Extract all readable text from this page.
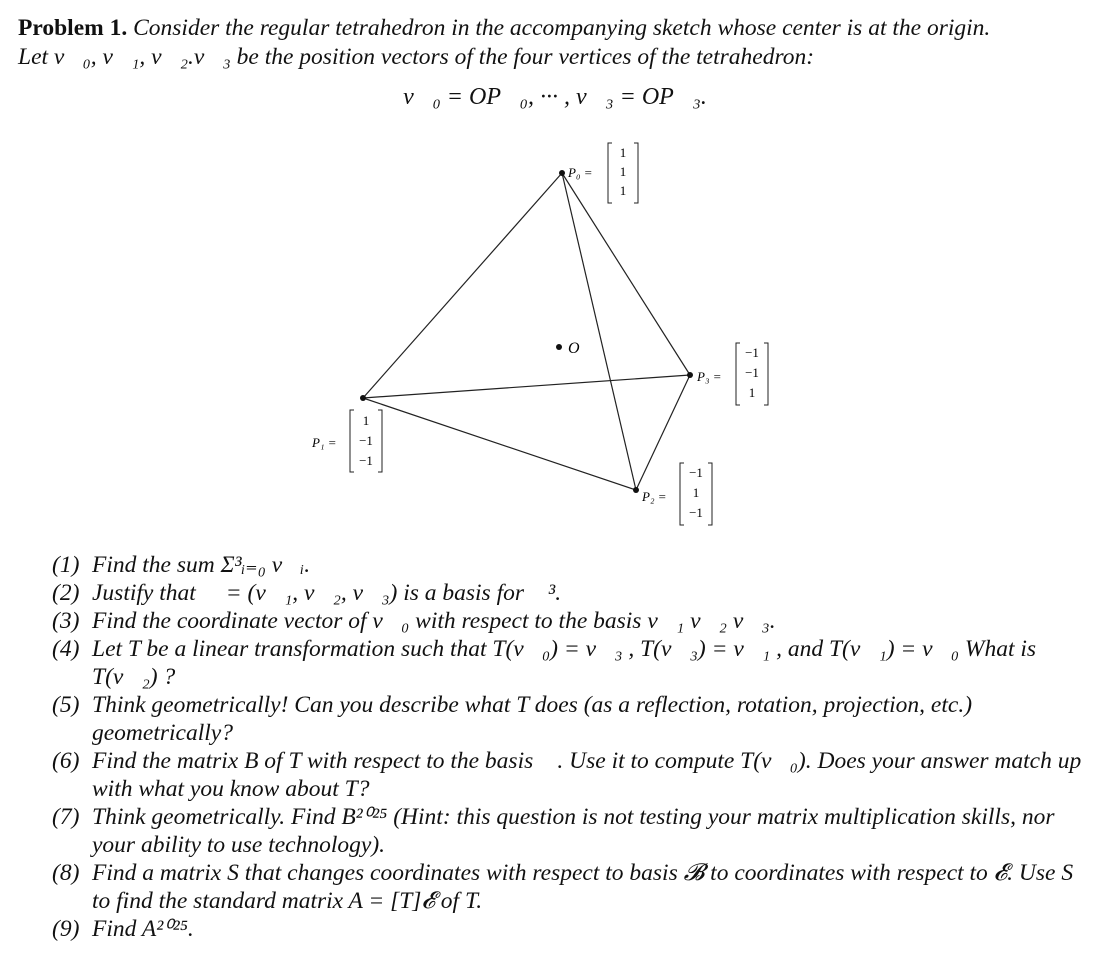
Problem 1. Consider the regular tetrahedron in the accompanying sketch whose center is at the origin.
Let v⃗₀, v⃗₁, v⃗₂.v⃗₃ be the position vectors of the four vertices of the tetrahedron:
v⃗₀ = OP⃗₀, ··· , v⃗₃ = OP⃗₃.
O
P₀ =
1
1
1
P₃ =
−1
−1
1
P₁ =
1
−1
−1
P₂ =
−1
1
−1
(1) Find the sum Σ³ᵢ₌₀ v⃗ᵢ.
(2) Justify that 𝓑 = (v⃗₁, v⃗₂, v⃗₃) is a basis for ℝ³.
(3) Find the coordinate vector of v⃗₀ with respect to the basis v⃗₁ v⃗₂ v⃗₃.
(4) Let T be a linear transformation such that T(v⃗₀) = v⃗₃ , T(v⃗₃) = v⃗₁ , and T(v⃗₁) = v⃗₀ What is T(v⃗₂) ?
(5) Think geometrically! Can you describe what T does (as a reflection, rotation, projection, etc.) geometrically?
(6) Find the matrix B of T with respect to the basis 𝓑. Use it to compute T(v⃗₀). Does your answer match up with what you know about T?
(7) Think geometrically. Find B²⁰²⁵ (Hint: this question is not testing your matrix multiplication skills, nor your ability to use technology).
(8) Find a matrix S that changes coordinates with respect to basis 𝓑 to coordinates with respect to 𝓔. Use S to find the standard matrix A = [T]𝓔 of T.
(9) Find A²⁰²⁵.
